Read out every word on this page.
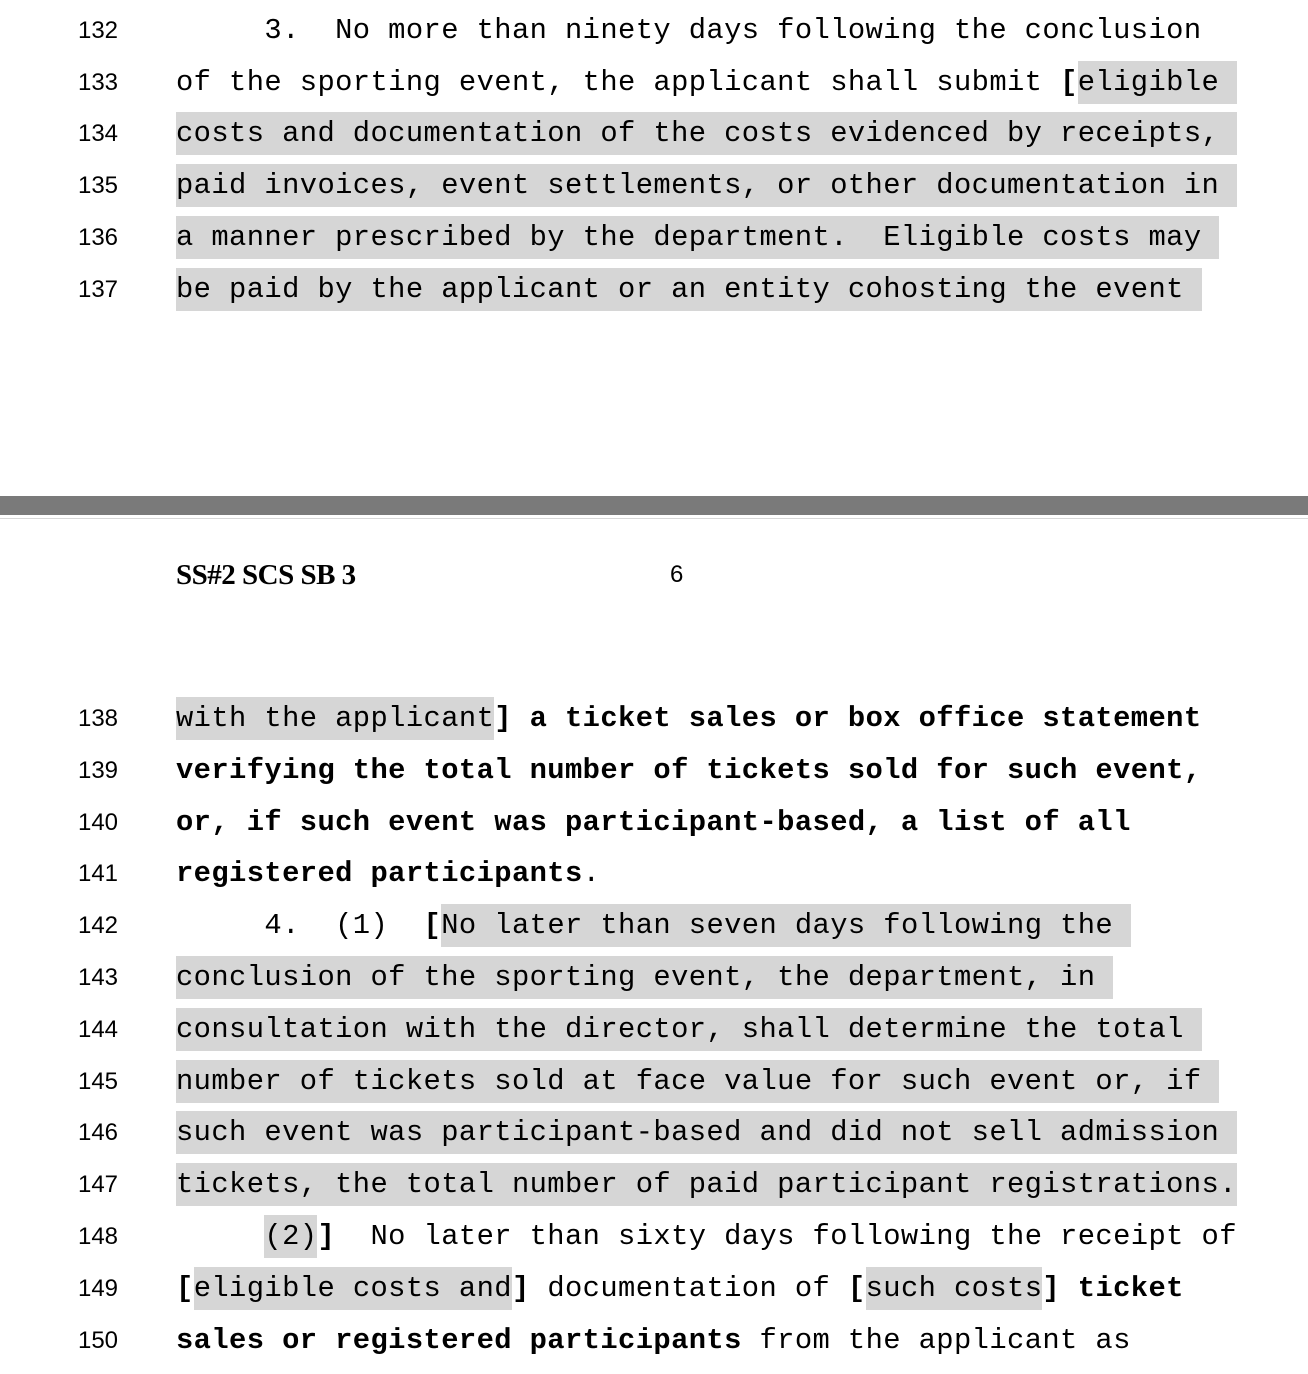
132	3.  No more than ninety days following the conclusion
133	of the sporting event, the applicant shall submit [eligible
134	costs and documentation of the costs evidenced by receipts,
135	paid invoices, event settlements, or other documentation in
136	a manner prescribed by the department.  Eligible costs may
137	be paid by the applicant or an entity cohosting the event
SS#2 SCS SB 3	6
138	with the applicant] a ticket sales or box office statement
139	verifying the total number of tickets sold for such event,
140	or, if such event was participant-based, a list of all
141	registered participants.
142	4.  (1)  [No later than seven days following the
143	conclusion of the sporting event, the department, in
144	consultation with the director, shall determine the total
145	number of tickets sold at face value for such event or, if
146	such event was participant-based and did not sell admission
147	tickets, the total number of paid participant registrations.
148	(2)]  No later than sixty days following the receipt of
149	[eligible costs and] documentation of [such costs] ticket
150	sales or registered participants from the applicant as
